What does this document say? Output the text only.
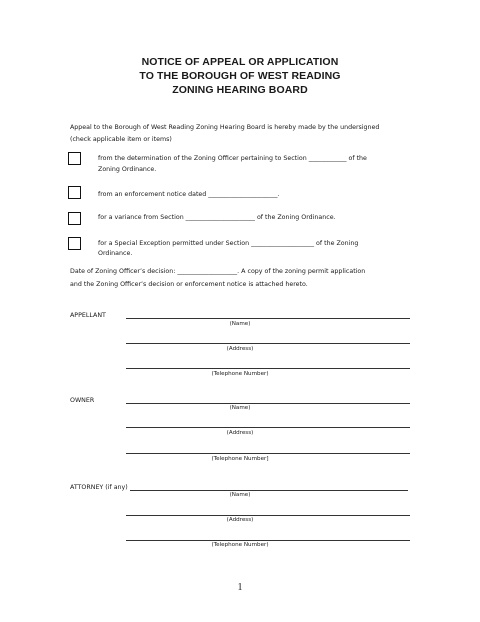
NOTICE OF APPEAL OR APPLICATION
TO THE BOROUGH OF WEST READING
ZONING HEARING BOARD
Appeal to the Borough of West Reading Zoning Hearing Board is hereby made by the undersigned
(check applicable item or items)
from the determination of the Zoning Officer pertaining to Section ____________ of the
Zoning Ordinance.
from an enforcement notice dated ______________________.
for a variance from Section ______________________ of the Zoning Ordinance.
for a Special Exception permitted under Section ____________________ of the Zoning
Ordinance.
Date of Zoning Officer’s decision: ___________________. A copy of the zoning permit application
and the Zoning Officer’s decision or enforcement notice is attached hereto.
APPELLANT
(Name)
(Address)
(Telephone Number)
OWNER
(Name)
(Address)
(Telephone Number]
ATTORNEY (if any)
(Name)
(Address)
(Telephone Number)
1
